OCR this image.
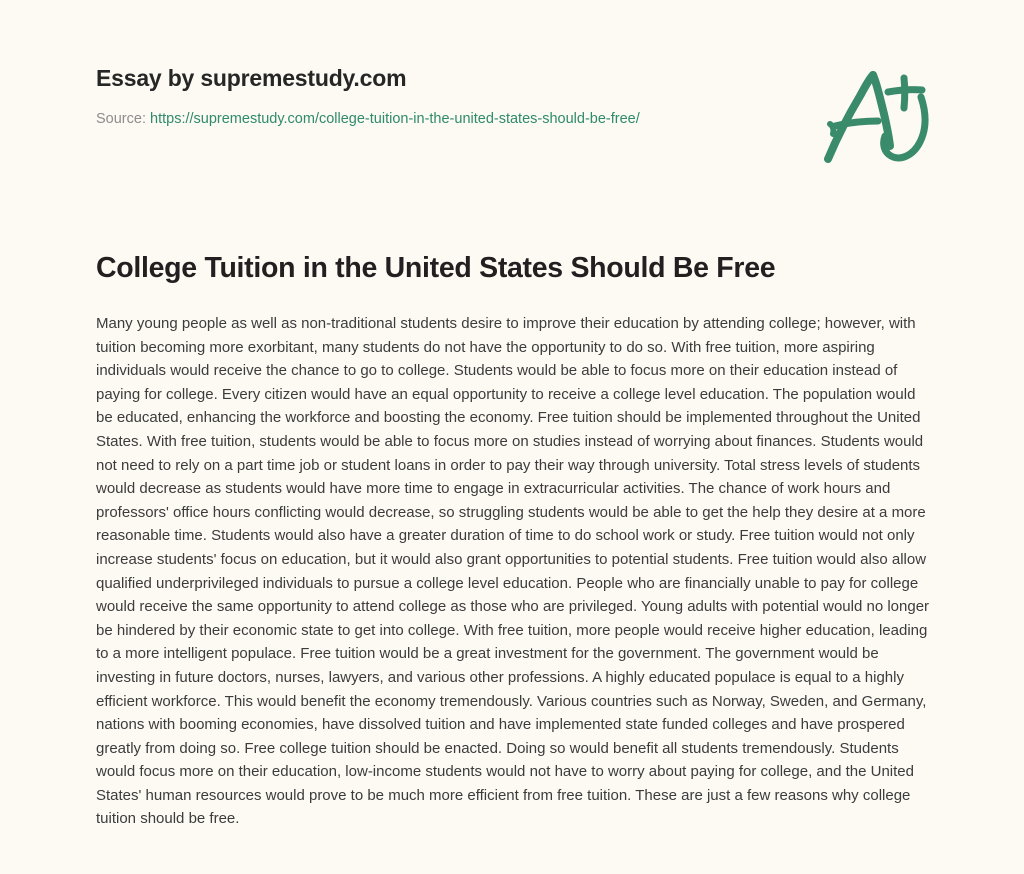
Essay by supremestudy.com
Source: https://supremestudy.com/college-tuition-in-the-united-states-should-be-free/
College Tuition in the United States Should Be Free

Many young people as well as non-traditional students desire to improve their education by attending college; however, with tuition becoming more exorbitant, many students do not have the opportunity to do so. With free tuition, more aspiring individuals would receive the chance to go to college. Students would be able to focus more on their education instead of paying for college. Every citizen would have an equal opportunity to receive a college level education. The population would be educated, enhancing the workforce and boosting the economy. Free tuition should be implemented throughout the United States. With free tuition, students would be able to focus more on studies instead of worrying about finances. Students would not need to rely on a part time job or student loans in order to pay their way through university. Total stress levels of students would decrease as students would have more time to engage in extracurricular activities. The chance of work hours and professors' office hours conflicting would decrease, so struggling students would be able to get the help they desire at a more reasonable time. Students would also have a greater duration of time to do school work or study. Free tuition would not only increase students' focus on education, but it would also grant opportunities to potential students. Free tuition would also allow qualified underprivileged individuals to pursue a college level education. People who are financially unable to pay for college would receive the same opportunity to attend college as those who are privileged. Young adults with potential would no longer be hindered by their economic state to get into college. With free tuition, more people would receive higher education, leading to a more intelligent populace. Free tuition would be a great investment for the government. The government would be investing in future doctors, nurses, lawyers, and various other professions. A highly educated populace is equal to a highly efficient workforce. This would benefit the economy tremendously. Various countries such as Norway, Sweden, and Germany, nations with booming economies, have dissolved tuition and have implemented state funded colleges and have prospered greatly from doing so. Free college tuition should be enacted. Doing so would benefit all students tremendously. Students would focus more on their education, low-income students would not have to worry about paying for college, and the United States' human resources would prove to be much more efficient from free tuition. These are just a few reasons why college tuition should be free.
